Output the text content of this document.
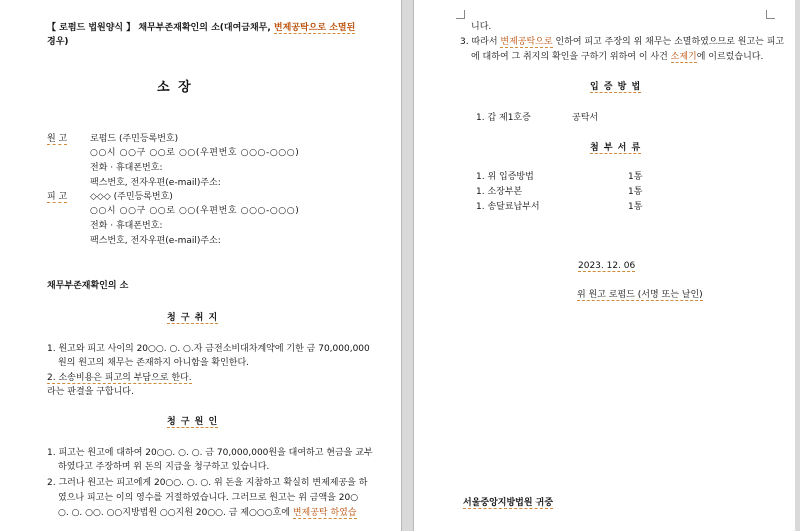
【 로펌드 법원양식 】 채무부존재확인의 소(대여금채무, 변제공탁으로 소멸된
경우)
소 장
원 고	로펌드 (주민등록번호)
○○시 ○○구 ○○로 ○○(우편번호 ○○○-○○○)
전화 · 휴대폰번호:
팩스번호, 전자우편(e-mail)주소:
피 고	◇◇◇ (주민등록번호)
○○시 ○○구 ○○로 ○○(우편번호 ○○○-○○○)
전화 · 휴대폰번호:
팩스번호, 전자우편(e-mail)주소:
채무부존재확인의 소
청 구 취 지
1. 원고와 피고 사이의 20○○. ○. ○.자 금전소비대차계약에 기한 금 70,000,000
원의 원고의 채무는 존재하지 아니함을 확인한다.
2. 소송비용은 피고의 부담으로 한다.
라는 판결을 구합니다.
청 구 원 인
1. 피고는 원고에 대하여 20○○. ○. ○. 금 70,000,000원을 대여하고 현금을 교부
하였다고 주장하며 위 돈의 지급을 청구하고 있습니다.
2. 그러나 원고는 피고에게 20○○. ○. ○. 위 돈을 지참하고 확실히 변제제공을 하
였으나 피고는 이의 영수를 거절하였습니다. 그러므로 원고는 위 금액을 20○
○. ○. ○○. ○○지방법원 ○○지원 20○○. 금 제○○○호에 변제공탁 하였습
니다.
3. 따라서 변제공탁으로 인하여 피고 주장의 위 채무는 소멸하였으므로 원고는 피고
에 대하여 그 취지의 확인을 구하기 위하여 이 사건 소제기에 이르렀습니다.
입 증 방 법
1. 갑 제1호증	공탁서
첨 부 서 류
1. 위 입증방법	1통
1. 소장부본	1통
1. 송달료납부서	1통
2023. 12. 06
위 원고 로펌드 (서명 또는 날인)
서울중앙지방법원 귀중
